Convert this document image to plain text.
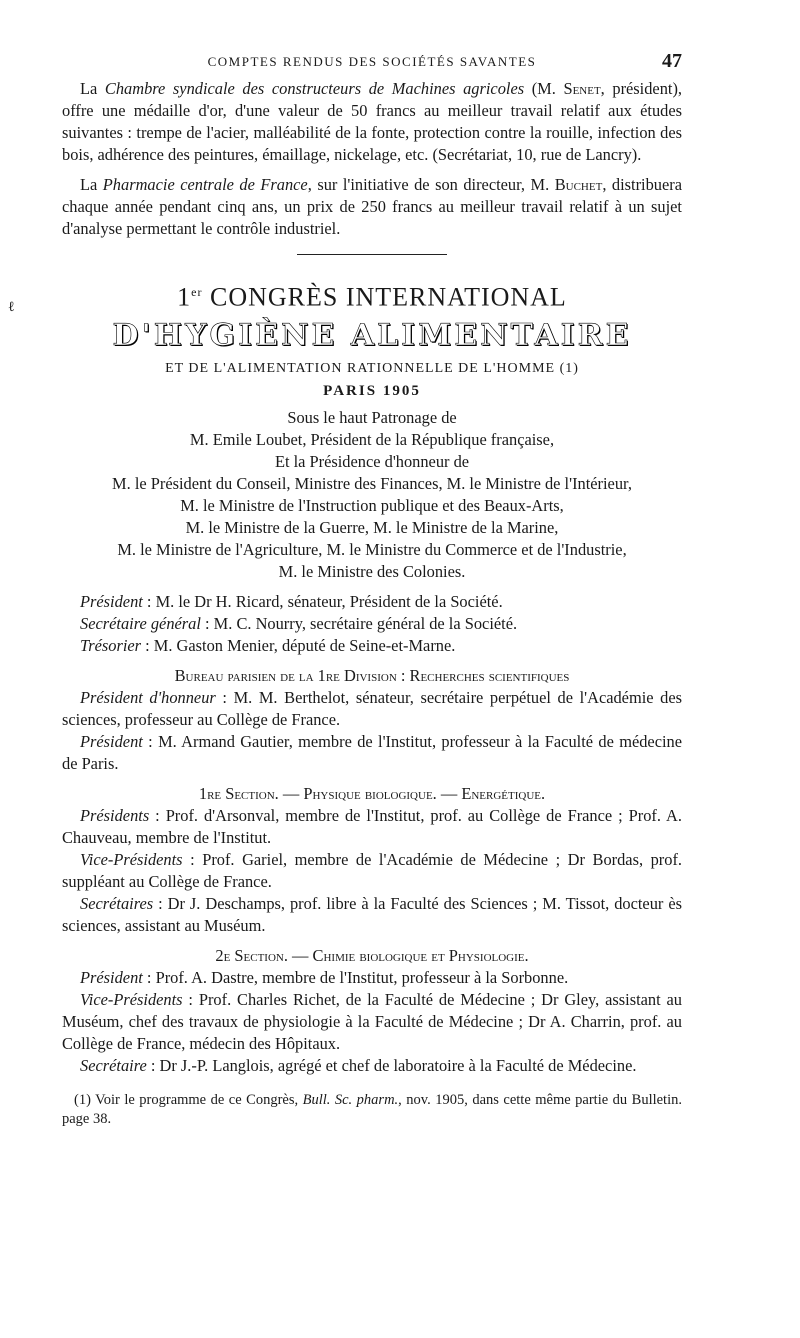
ℓ
COMPTES RENDUS DES SOCIÉTÉS SAVANTES	47

La Chambre syndicale des constructeurs de Machines agricoles (M. Senet, président), offre une médaille d'or, d'une valeur de 50 francs au meilleur travail relatif aux études suivantes : trempe de l'acier, malléabilité de la fonte, protection contre la rouille, infection des bois, adhérence des peintures, émaillage, nickelage, etc. (Secrétariat, 10, rue de Lancry).

La Pharmacie centrale de France, sur l'initiative de son directeur, M. Buchet, distribuera chaque année pendant cinq ans, un prix de 250 francs au meilleur travail relatif à un sujet d'analyse permettant le contrôle industriel.

1er CONGRÈS INTERNATIONAL
D'HYGIÈNE ALIMENTAIRE
ET DE L'ALIMENTATION RATIONNELLE DE L'HOMME (1)
PARIS 1905
Sous le haut Patronage de
M. Emile Loubet, Président de la République française,
Et la Présidence d'honneur de
M. le Président du Conseil, Ministre des Finances, M. le Ministre de l'Intérieur,
M. le Ministre de l'Instruction publique et des Beaux-Arts,
M. le Ministre de la Guerre, M. le Ministre de la Marine,
M. le Ministre de l'Agriculture, M. le Ministre du Commerce et de l'Industrie,
M. le Ministre des Colonies.

Président : M. le Dr H. Ricard, sénateur, Président de la Société.

Secrétaire général : M. C. Nourry, secrétaire général de la Société.

Trésorier : M. Gaston Menier, député de Seine-et-Marne.

Bureau parisien de la 1re Division : Recherches scientifiques

Président d'honneur : M. M. Berthelot, sénateur, secrétaire perpétuel de l'Académie des sciences, professeur au Collège de France.

Président : M. Armand Gautier, membre de l'Institut, professeur à la Faculté de médecine de Paris.

1re Section. — Physique biologique. — Energétique.

Présidents : Prof. d'Arsonval, membre de l'Institut, prof. au Collège de France ; Prof. A. Chauveau, membre de l'Institut.

Vice-Présidents : Prof. Gariel, membre de l'Académie de Médecine ; Dr Bordas, prof. suppléant au Collège de France.

Secrétaires : Dr J. Deschamps, prof. libre à la Faculté des Sciences ; M. Tissot, docteur ès sciences, assistant au Muséum.

2e Section. — Chimie biologique et Physiologie.

Président : Prof. A. Dastre, membre de l'Institut, professeur à la Sorbonne.

Vice-Présidents : Prof. Charles Richet, de la Faculté de Médecine ; Dr Gley, assistant au Muséum, chef des travaux de physiologie à la Faculté de Médecine ; Dr A. Charrin, prof. au Collège de France, médecin des Hôpitaux.

Secrétaire : Dr J.-P. Langlois, agrégé et chef de laboratoire à la Faculté de Médecine.

(1) Voir le programme de ce Congrès, Bull. Sc. pharm., nov. 1905, dans cette même partie du Bulletin. page 38.
